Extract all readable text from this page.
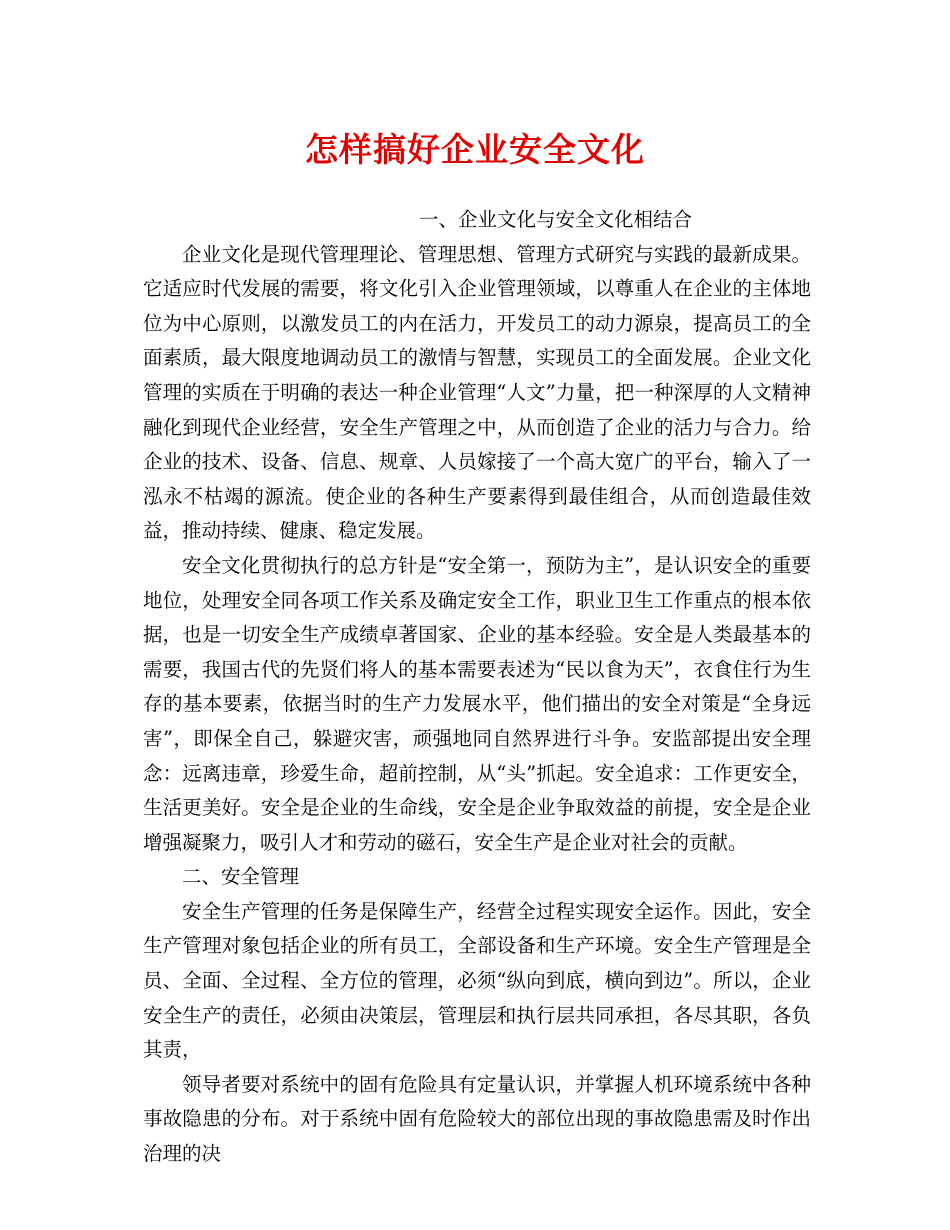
怎样搞好企业安全文化

一、企业文化与安全文化相结合

企业文化是现代管理理论、管理思想、管理方式研究与实践的最新成果。它适应时代发展的需要，将文化引入企业管理领域，以尊重人在企业的主体地位为中心原则，以激发员工的内在活力，开发员工的动力源泉，提高员工的全面素质，最大限度地调动员工的激情与智慧，实现员工的全面发展。企业文化管理的实质在于明确的表达一种企业管理“人文”力量，把一种深厚的人文精神融化到现代企业经营，安全生产管理之中，从而创造了企业的活力与合力。给企业的技术、设备、信息、规章、人员嫁接了一个高大宽广的平台，输入了一泓永不枯竭的源流。使企业的各种生产要素得到最佳组合，从而创造最佳效益，推动持续、健康、稳定发展。

安全文化贯彻执行的总方针是“安全第一，预防为主”，是认识安全的重要地位，处理安全同各项工作关系及确定安全工作，职业卫生工作重点的根本依据，也是一切安全生产成绩卓著国家、企业的基本经验。安全是人类最基本的需要，我国古代的先贤们将人的基本需要表述为“民以食为天”，衣食住行为生存的基本要素，依据当时的生产力发展水平，他们描出的安全对策是“全身远害”，即保全自己，躲避灾害，顽强地同自然界进行斗争。安监部提出安全理念：远离违章，珍爱生命，超前控制，从“头”抓起。安全追求：工作更安全，生活更美好。安全是企业的生命线，安全是企业争取效益的前提，安全是企业增强凝聚力，吸引人才和劳动的磁石，安全生产是企业对社会的贡献。

二、安全管理

安全生产管理的任务是保障生产，经营全过程实现安全运作。因此，安全生产管理对象包括企业的所有员工，全部设备和生产环境。安全生产管理是全员、全面、全过程、全方位的管理，必须“纵向到底，横向到边”。所以，企业安全生产的责任，必须由决策层，管理层和执行层共同承担，各尽其职，各负其责，

领导者要对系统中的固有危险具有定量认识，并掌握人机环境系统中各种事故隐患的分布。对于系统中固有危险较大的部位出现的事故隐患需及时作出治理的决
